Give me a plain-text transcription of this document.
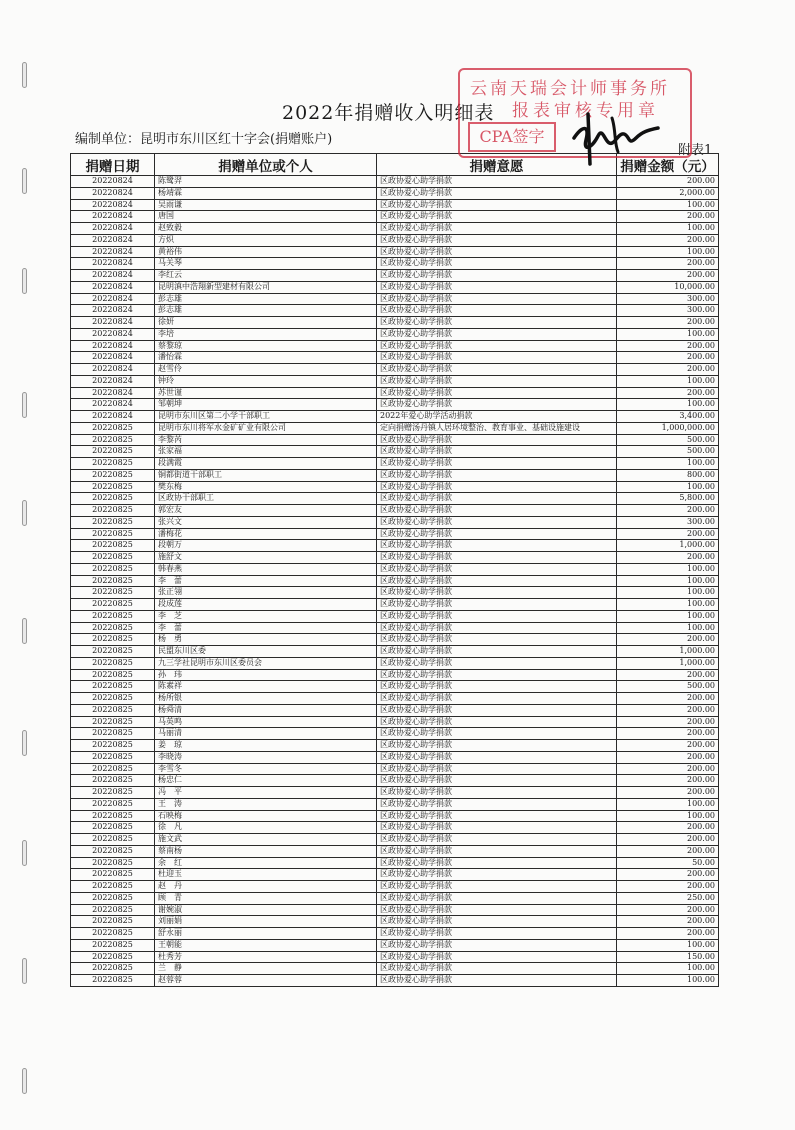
2022年捐赠收入明细表
编制单位：昆明市东川区红十字会(捐赠账户)
附表1
捐赠日期	捐赠单位或个人	捐赠意愿	捐赠金额（元）
20220824	陈鹭羿	区政协爱心助学捐款	200.00
20220824	杨靖霖	区政协爱心助学捐款	2,000.00
20220824	吴雨谦	区政协爱心助学捐款	100.00
20220824	唐国	区政协爱心助学捐款	200.00
20220824	赵致毅	区政协爱心助学捐款	100.00
20220824	方炽	区政协爱心助学捐款	200.00
20220824	黄裕伟	区政协爱心助学捐款	100.00
20220824	马关琴	区政协爱心助学捐款	200.00
20220824	李红云	区政协爱心助学捐款	200.00
20220824	昆明滇中浩翔新型建材有限公司	区政协爱心助学捐款	10,000.00
20220824	彭志雄	区政协爱心助学捐款	300.00
20220824	彭志雄	区政协爱心助学捐款	300.00
20220824	徐妍	区政协爱心助学捐款	200.00
20220824	李培	区政协爱心助学捐款	100.00
20220824	蔡黎琼	区政协爱心助学捐款	200.00
20220824	潘怡霖	区政协爱心助学捐款	200.00
20220824	赵雪伶	区政协爱心助学捐款	200.00
20220824	钟玲	区政协爱心助学捐款	100.00
20220824	苏世谨	区政协爱心助学捐款	200.00
20220824	邹朝坤	区政协爱心助学捐款	100.00
20220824	昆明市东川区第二小学干部职工	2022年爱心助学活动捐款	3,400.00
20220825	昆明市东川将军水金矿矿业有限公司	定向捐赠汤丹镇人居环境整治、教育事业、基础设施建设	1,000,000.00
20220825	李黎芮	区政协爱心助学捐款	500.00
20220825	张家福	区政协爱心助学捐款	500.00
20220825	段满霞	区政协爱心助学捐款	100.00
20220825	铜都街道干部职工	区政协爱心助学捐款	800.00
20220825	樊东梅	区政协爱心助学捐款	100.00
20220825	区政协干部职工	区政协爱心助学捐款	5,800.00
20220825	郭宏友	区政协爱心助学捐款	200.00
20220825	张兴文	区政协爱心助学捐款	300.00
20220825	潘梅花	区政协爱心助学捐款	200.00
20220825	段朝万	区政协爱心助学捐款	1,000.00
20220825	施舒文	区政协爱心助学捐款	200.00
20220825	韩春燕	区政协爱心助学捐款	100.00
20220825	李　蕾	区政协爱心助学捐款	100.00
20220825	张正翎	区政协爱心助学捐款	100.00
20220825	段成莲	区政协爱心助学捐款	100.00
20220825	李　芝	区政协爱心助学捐款	100.00
20220825	李　蕾	区政协爱心助学捐款	100.00
20220825	杨　勇	区政协爱心助学捐款	200.00
20220825	民盟东川区委	区政协爱心助学捐款	1,000.00
20220825	九三学社昆明市东川区委员会	区政协爱心助学捐款	1,000.00
20220825	孙　玮	区政协爱心助学捐款	200.00
20220825	陈素祥	区政协爱心助学捐款	500.00
20220825	杨所银	区政协爱心助学捐款	200.00
20220825	杨舜清	区政协爱心助学捐款	200.00
20220825	马英鸣	区政协爱心助学捐款	200.00
20220825	马丽清	区政协爱心助学捐款	200.00
20220825	姜　琼	区政协爱心助学捐款	200.00
20220825	李晓涛	区政协爱心助学捐款	200.00
20220825	李雪冬	区政协爱心助学捐款	200.00
20220825	杨忠仁	区政协爱心助学捐款	200.00
20220825	冯　平	区政协爱心助学捐款	200.00
20220825	王　涛	区政协爱心助学捐款	100.00
20220825	石映梅	区政协爱心助学捐款	100.00
20220825	徐　凡	区政协爱心助学捐款	200.00
20220825	施文武	区政协爱心助学捐款	200.00
20220825	蔡南杨	区政协爱心助学捐款	200.00
20220825	余　红	区政协爱心助学捐款	50.00
20220825	杜迎玉	区政协爱心助学捐款	200.00
20220825	赵　丹	区政协爱心助学捐款	200.00
20220825	顾　青	区政协爱心助学捐款	250.00
20220825	谢婉淑	区政协爱心助学捐款	200.00
20220825	刘丽娟	区政协爱心助学捐款	200.00
20220825	舒永丽	区政协爱心助学捐款	200.00
20220825	王朝能	区政协爱心助学捐款	100.00
20220825	杜秀芳	区政协爱心助学捐款	150.00
20220825	兰　静	区政协爱心助学捐款	100.00
20220825	赵蓉蓉	区政协爱心助学捐款	100.00
云南天瑞会计师事务所
报表审核专用章
CPA签字
